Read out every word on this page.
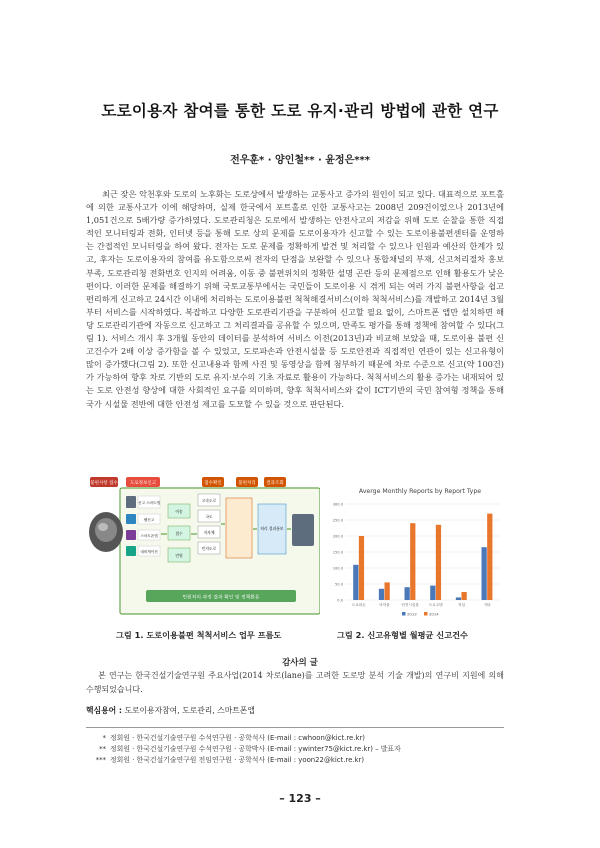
도로이용자 참여를 통한 도로 유지·관리 방법에 관한 연구
전우훈* · 양인철** · 윤정은***

최근 잦은 악천후와 도로의 노후화는 도로상에서 발생하는 교통사고 증가의 원인이 되고 있다. 대표적으로 포트홀에 의한 교통사고가 이에 해당하며, 실제 한국에서 포트홀로 인한 교통사고는 2008년 209건이었으나 2013년에 1,051건으로 5배가량 증가하였다. 도로관리청은 도로에서 발생하는 안전사고의 저감을 위해 도로 순찰을 통한 직접적인 모니터링과 전화, 인터넷 등을 통해 도로 상의 문제를 도로이용자가 신고할 수 있는 도로이용불편센터를 운영하는 간접적인 모니터링을 하여 왔다. 전자는 도로 문제를 정확하게 발견 및 처리할 수 있으나 인원과 예산의 한계가 있고, 후자는 도로이용자의 참여를 유도함으로써 전자의 단점을 보완할 수 있으나 통합채널의 부재, 신고처리절차 홍보 부족, 도로관리청 전화번호 인지의 어려움, 이동 중 불편위치의 정확한 설명 곤란 등의 문제점으로 인해 활용도가 낮은 편이다. 이러한 문제를 해결하기 위해 국토교통부에서는 국민들이 도로이용 시 겪게 되는 여러 가지 불편사항을 쉽고 편리하게 신고하고 24시간 이내에 처리하는 도로이용불편 척척해결서비스(이하 척척서비스)를 개발하고 2014년 3월부터 서비스를 시작하였다. 복잡하고 다양한 도로관리기관을 구분하여 신고할 필요 없이, 스마트폰 앱만 설치하면 해당 도로관리기관에 자동으로 신고하고 그 처리결과를 공유할 수 있으며, 만족도 평가를 통해 정책에 참여할 수 있다(그림 1). 서비스 개시 후 3개월 동안의 데이터를 분석하여 서비스 이전(2013년)과 비교해 보았을 때, 도로이용 불편 신고건수가 2배 이상 증가함을 볼 수 있었고, 도로파손과 안전시설물 등 도로안전과 직접적인 연관이 있는 신고유형이 많이 증가했다(그림 2). 또한 신고내용과 함께 사진 및 동영상을 함께 첨부하기 때문에 차로 수준으로 신고(약 100건)가 가능하여 향후 차로 기반의 도로 유지·보수의 기초 자료로 활용이 가능하다. 척척서비스의 활용 증가는 내재되어 있는 도로 안전성 향상에 대한 사회적인 요구를 의미하며, 향후 척척서비스와 같이 ICT기반의 국민 참여형 정책을 통해 국가 시설물 전반에 대한 안전성 제고를 도모할 수 있을 것으로 판단된다.

불편사항 접수	도로정보신고	접수확인	불편처리 결과조회
신고 스마트앱
웹신고
스마트폰앱
네비게이션
이송
접수
민원
고속도로
국도
지자체
민자도로
처리 결과통보
민원처리 과정 결과 확인 및 정책환류
Averge Monthly Reports by Report Type
0.0
50.0
100.0
150.0
200.0
250.0
300.0
도로파손	낙하물	안전시설물	도로주변	적설	기타
2013	2014
그림 1. 도로이용불편 척척서비스 업무 프름도	그림 2. 신고유형별 월평균 신고건수
감사의 글

본 연구는 한국건설기술연구원 주요사업(2014 차로(lane)를 고려한 도로망 분석 기술 개발)의 연구비 지원에 의해 수행되었습니다.

핵심용어 : 도로이용자참여, 도로관리, 스마트폰앱
* 정회원 · 한국건설기술연구원 수석연구원 · 공학석사 (E-mail : cwhoon@kict.re.kr)
** 정회원 · 한국건설기술연구원 수석연구원 · 공학박사 (E-mail : ywinter75@kict.re.kr) – 발표자
*** 정회원 · 한국건설기술연구원 전임연구원 · 공학석사 (E-mail : yoon22@kict.re.kr)
– 123 –
